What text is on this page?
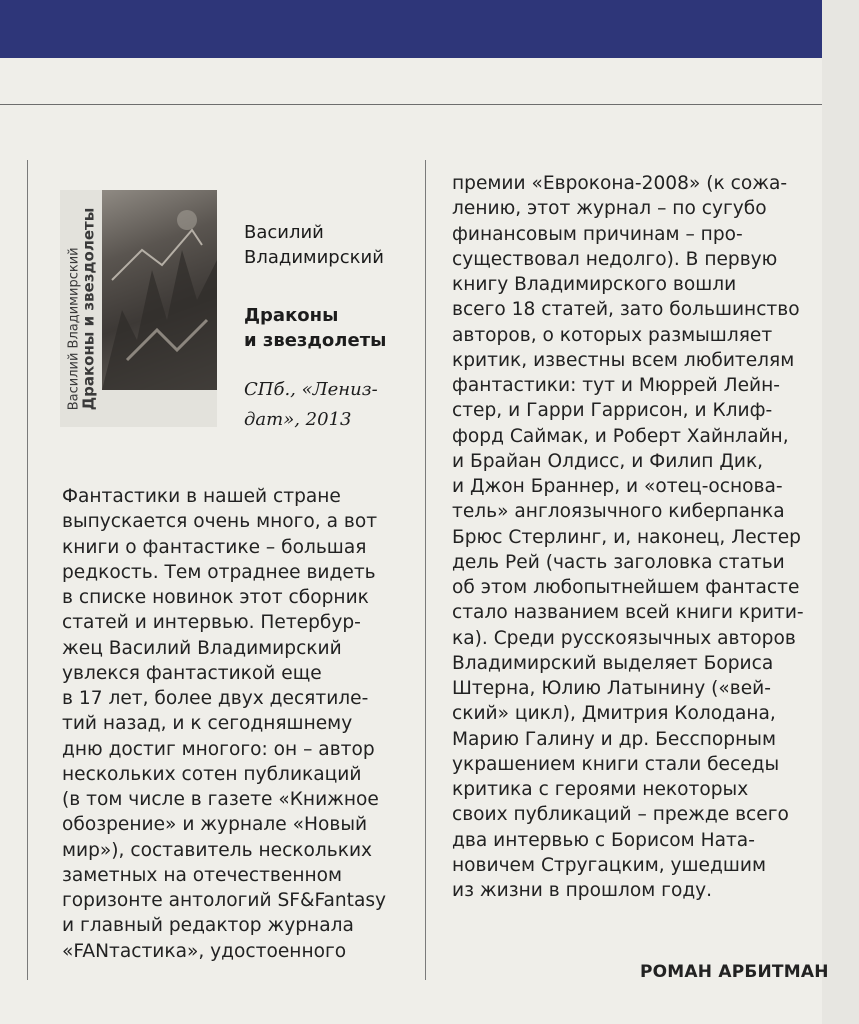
Василий Владимирский
Драконы и звездолеты	Василий
Владимирский
Драконы
и звездолеты
СПб., «Лениз-
дат», 2013
Фантастики в нашей стране
выпускается очень много, а вот
книги о фантастике – большая
редкость. Тем отраднее видеть
в списке новинок этот сборник
статей и интервью. Петербур-
жец Василий Владимирский
увлекся фантастикой еще
в 17 лет, более двух десятиле-
тий назад, и к сегодняшнему
дню достиг многого: он – автор
нескольких сотен публикаций
(в том числе в газете «Книжное
обозрение» и журнале «Новый
мир»), составитель нескольких
заметных на отечественном
горизонте антологий SF&Fantasy
и главный редактор журнала
«FANтастика», удостоенного
премии «Еврокона-2008» (к сожа-
лению, этот журнал – по сугубо
финансовым причинам – про-
существовал недолго). В первую
книгу Владимирского вошли
всего 18 статей, зато большинство
авторов, о которых размышляет
критик, известны всем любителям
фантастики: тут и Мюррей Лейн-
стер, и Гарри Гаррисон, и Клиф-
форд Саймак, и Роберт Хайнлайн,
и Брайан Олдисс, и Филип Дик,
и Джон Браннер, и «отец-основа-
тель» англоязычного киберпанка
Брюс Стерлинг, и, наконец, Лестер
дель Рей (часть заголовка статьи
об этом любопытнейшем фантасте
стало названием всей книги крити-
ка). Среди русскоязычных авторов
Владимирский выделяет Бориса
Штерна, Юлию Латынину («вей-
ский» цикл), Дмитрия Колодана,
Марию Галину и др. Бесспорным
украшением книги стали беседы
критика с героями некоторых
своих публикаций – прежде всего
два интервью с Борисом Ната-
новичем Стругацким, ушедшим
из жизни в прошлом году.
РОМАН АРБИТМАН
